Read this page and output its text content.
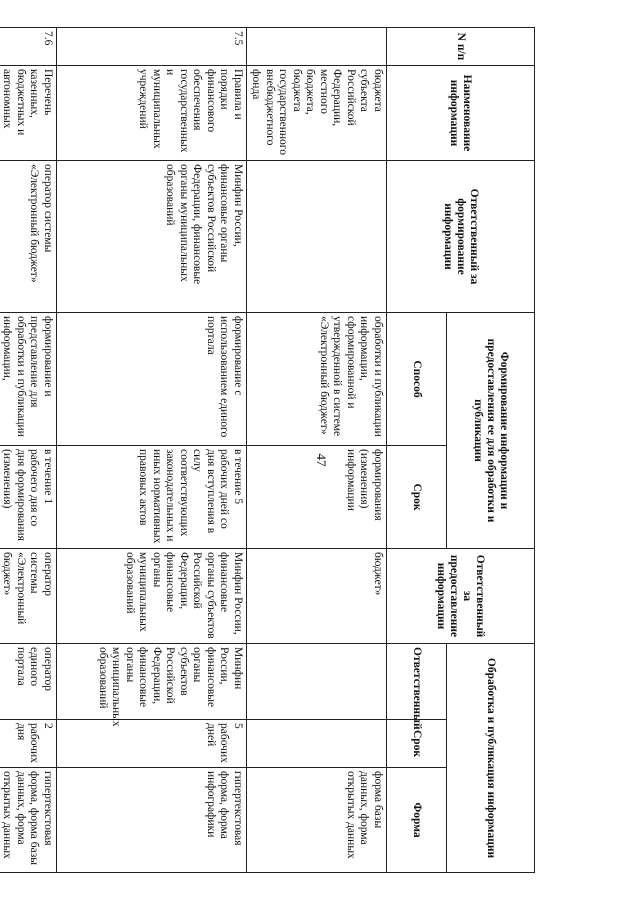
47
N п/п	Наименование информации	Ответственный за формирование информации	Формирование информации и предоставления ее для обработки и публикации		Ответственный за предоставление информации	Обработка и публикация информации		
			Способ	Срок		Ответственный	Срок	Форма
	бюджета субъекта Российской Федерации, местного бюджета, бюджета государственного внебюджетного фонда		обработки и публикации информации, сформированной и утвержденной в системе «Электронный бюджет»	формирования (изменения) информации	бюджет»			форма базы данных, форма открытых данных
7.5	Правила и порядки финансового обеспечения государственных и муниципальных учреждений	Минфин России, финансовые органы субъектов Российской Федерации, финансовые органы муниципальных образований	формирование с использованием единого портала	в течение 5 рабочих дней со дня вступления в силу соответствующих законодательных и иных нормативных правовых актов	Минфин России, финансовые органы субъектов Российской Федерации, финансовые органы муниципальных образований	Минфин России, финансовые органы субъектов Российской Федерации, финансовые органы муниципальных образований	5 рабочих дней	гипертекстовая форма, форма инфографики
7.6	Перечень казенных, бюджетных и автономных	оператор системы «Электронный бюджет»	формирование и представление для обработки и публикации информации,	в течение 1 рабочего дня со дня формирования (изменения)	оператор системы «Электронный бюджет»	оператор единого портала	2 рабочих дня	гипертекстовая форма, форма базы данных, форма открытых данных
